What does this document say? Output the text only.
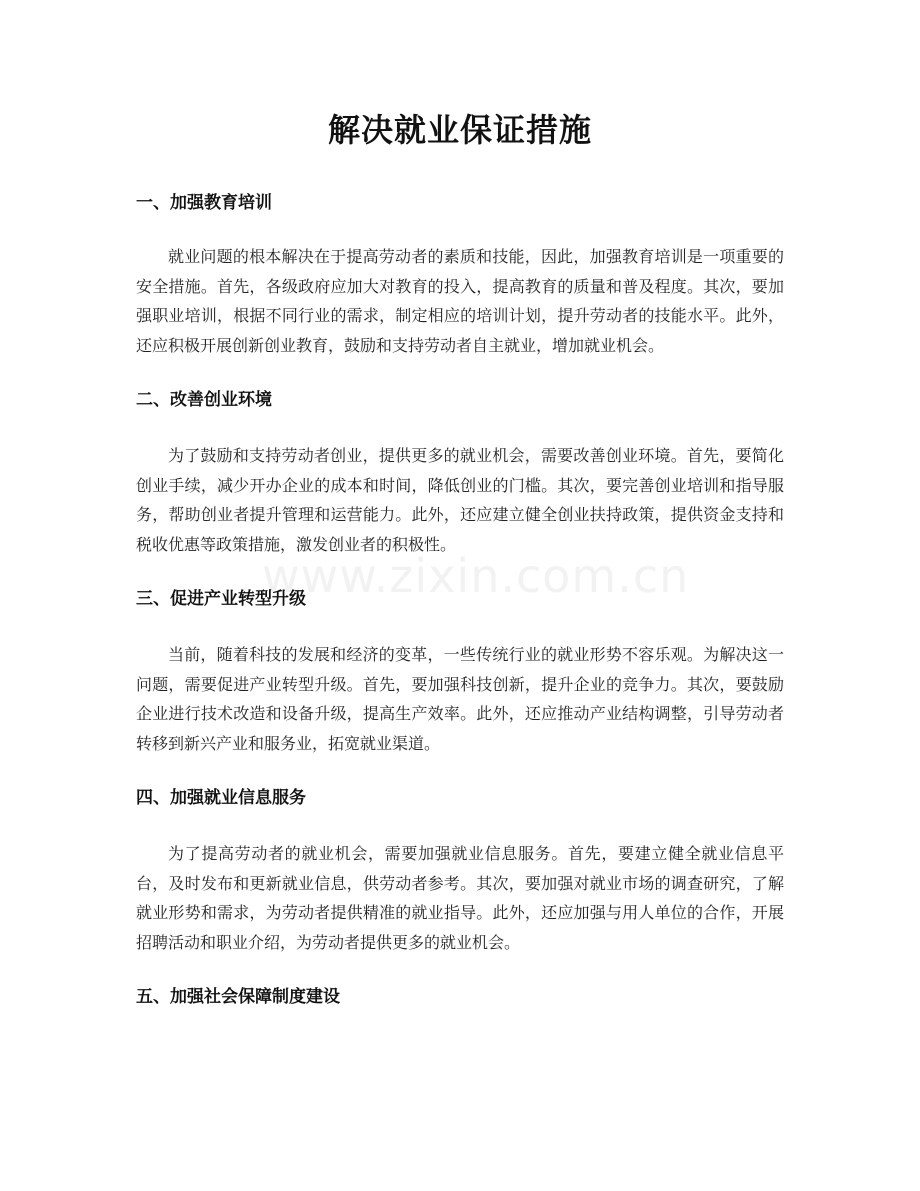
解决就业保证措施
一、加强教育培训

就业问题的根本解决在于提高劳动者的素质和技能，因此，加强教育培训是一项重要的安全措施。首先，各级政府应加大对教育的投入，提高教育的质量和普及程度。其次，要加强职业培训，根据不同行业的需求，制定相应的培训计划，提升劳动者的技能水平。此外，还应积极开展创新创业教育，鼓励和支持劳动者自主就业，增加就业机会。

二、改善创业环境

为了鼓励和支持劳动者创业，提供更多的就业机会，需要改善创业环境。首先，要简化创业手续，减少开办企业的成本和时间，降低创业的门槛。其次，要完善创业培训和指导服务，帮助创业者提升管理和运营能力。此外，还应建立健全创业扶持政策，提供资金支持和税收优惠等政策措施，激发创业者的积极性。

三、促进产业转型升级

当前，随着科技的发展和经济的变革，一些传统行业的就业形势不容乐观。为解决这一问题，需要促进产业转型升级。首先，要加强科技创新，提升企业的竞争力。其次，要鼓励企业进行技术改造和设备升级，提高生产效率。此外，还应推动产业结构调整，引导劳动者转移到新兴产业和服务业，拓宽就业渠道。

四、加强就业信息服务

为了提高劳动者的就业机会，需要加强就业信息服务。首先，要建立健全就业信息平台，及时发布和更新就业信息，供劳动者参考。其次，要加强对就业市场的调查研究，了解就业形势和需求，为劳动者提供精准的就业指导。此外，还应加强与用人单位的合作，开展招聘活动和职业介绍，为劳动者提供更多的就业机会。

五、加强社会保障制度建设
www.zixin.com.cn
